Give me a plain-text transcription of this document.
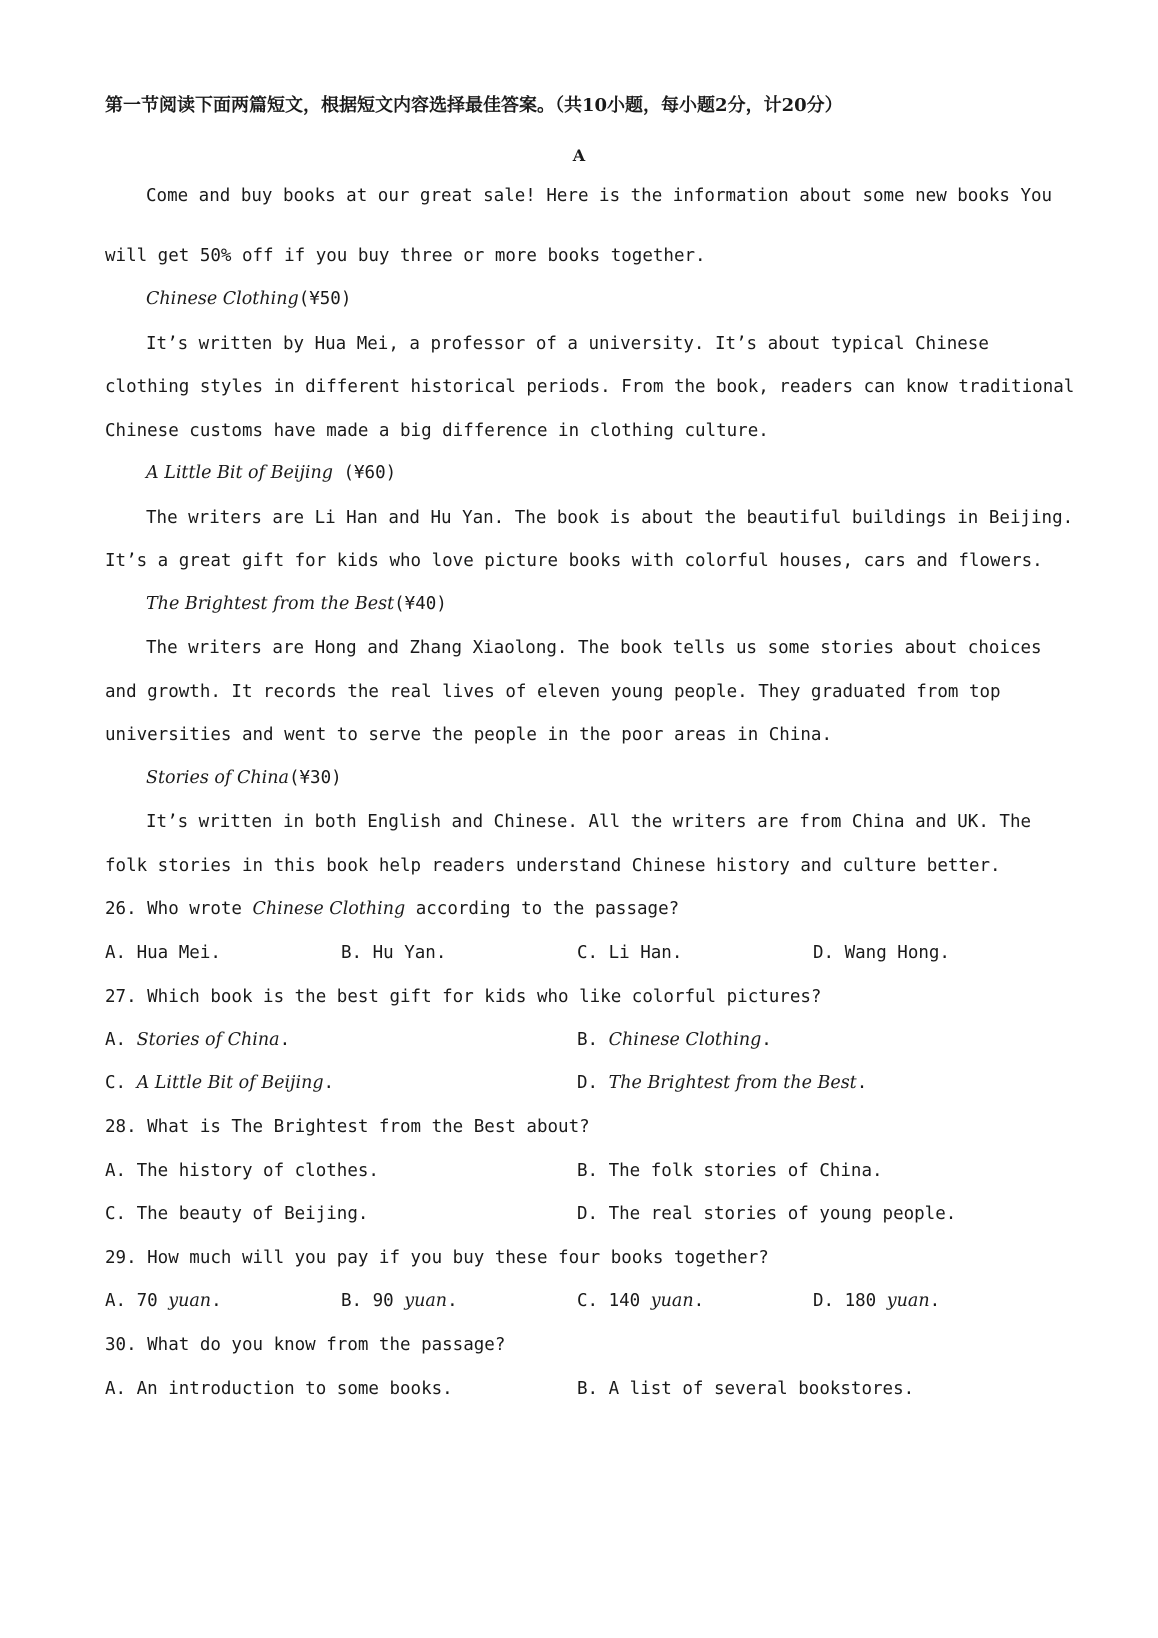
第一节阅读下面两篇短文，根据短文内容选择最佳答案。（共10小题，每小题2分，计20分）
A
Come and buy books at our great sale! Here is the information about some new books You
will get 50% off if you buy three or more books together.
Chinese Clothing(¥50)
It’s written by Hua Mei, a professor of a university. It’s about typical Chinese
clothing styles in different historical periods. From the book, readers can know traditional
Chinese customs have made a big difference in clothing culture.
A Little Bit of Beijing (¥60)
The writers are Li Han and Hu Yan. The book is about the beautiful buildings in Beijing.
It’s a great gift for kids who love picture books with colorful houses, cars and flowers.
The Brightest from the Best(¥40)
The writers are Hong and Zhang Xiaolong. The book tells us some stories about choices
and growth. It records the real lives of eleven young people. They graduated from top
universities and went to serve the people in the poor areas in China.
Stories of China(¥30)
It’s written in both English and Chinese. All the writers are from China and UK. The
folk stories in this book help readers understand Chinese history and culture better.
26. Who wrote Chinese Clothing according to the passage?
A. Hua Mei.	B. Hu Yan.	C. Li Han.	D. Wang Hong.
27. Which book is the best gift for kids who like colorful pictures?
A. Stories of China.	B. Chinese Clothing.
C. A Little Bit of Beijing.	D. The Brightest from the Best.
28. What is The Brightest from the Best about?
A. The history of clothes.	B. The folk stories of China.
C. The beauty of Beijing.	D. The real stories of young people.
29. How much will you pay if you buy these four books together?
A. 70 yuan.	B. 90 yuan.	C. 140 yuan.	D. 180 yuan.
30. What do you know from the passage?
A. An introduction to some books.	B. A list of several bookstores.
